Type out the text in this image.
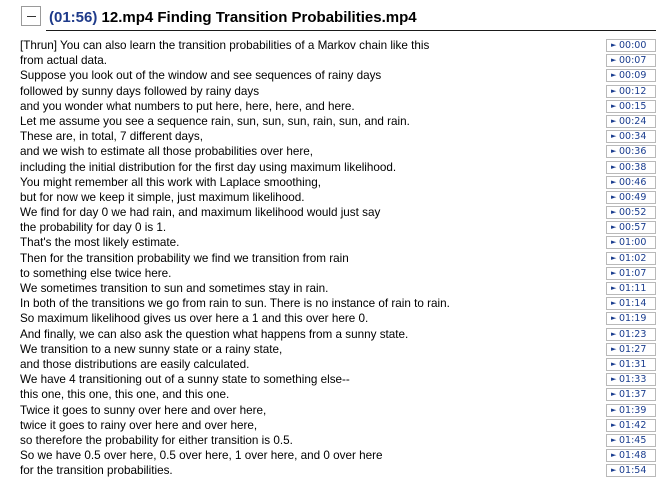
(01:56) 12.mp4 Finding Transition Probabilities.mp4
[Thrun] You can also learn the transition probabilities of a Markov chain like this	► 00:00
from actual data.	► 00:07
Suppose you look out of the window and see sequences of rainy days	► 00:09
followed by sunny days followed by rainy days	► 00:12
and you wonder what numbers to put here, here, here, and here.	► 00:15
Let me assume you see a sequence rain, sun, sun, sun, rain, sun, and rain.	► 00:24
These are, in total, 7 different days,	► 00:34
and we wish to estimate all those probabilities over here,	► 00:36
including the initial distribution for the first day using maximum likelihood.	► 00:38
You might remember all this work with Laplace smoothing,	► 00:46
but for now we keep it simple, just maximum likelihood.	► 00:49
We find for day 0 we had rain, and maximum likelihood would just say	► 00:52
the probability for day 0 is 1.	► 00:57
That's the most likely estimate.	► 01:00
Then for the transition probability we find we transition from rain	► 01:02
to something else twice here.	► 01:07
We sometimes transition to sun and sometimes stay in rain.	► 01:11
In both of the transitions we go from rain to sun. There is no instance of rain to rain.	► 01:14
So maximum likelihood gives us over here a 1 and this over here 0.	► 01:19
And finally, we can also ask the question what happens from a sunny state.	► 01:23
We transition to a new sunny state or a rainy state,	► 01:27
and those distributions are easily calculated.	► 01:31
We have 4 transitioning out of a sunny state to something else--	► 01:33
this one, this one, this one, and this one.	► 01:37
Twice it goes to sunny over here and over here,	► 01:39
twice it goes to rainy over here and over here,	► 01:42
so therefore the probability for either transition is 0.5.	► 01:45
So we have 0.5 over here, 0.5 over here, 1 over here, and 0 over here	► 01:48
for the transition probabilities.	► 01:54
